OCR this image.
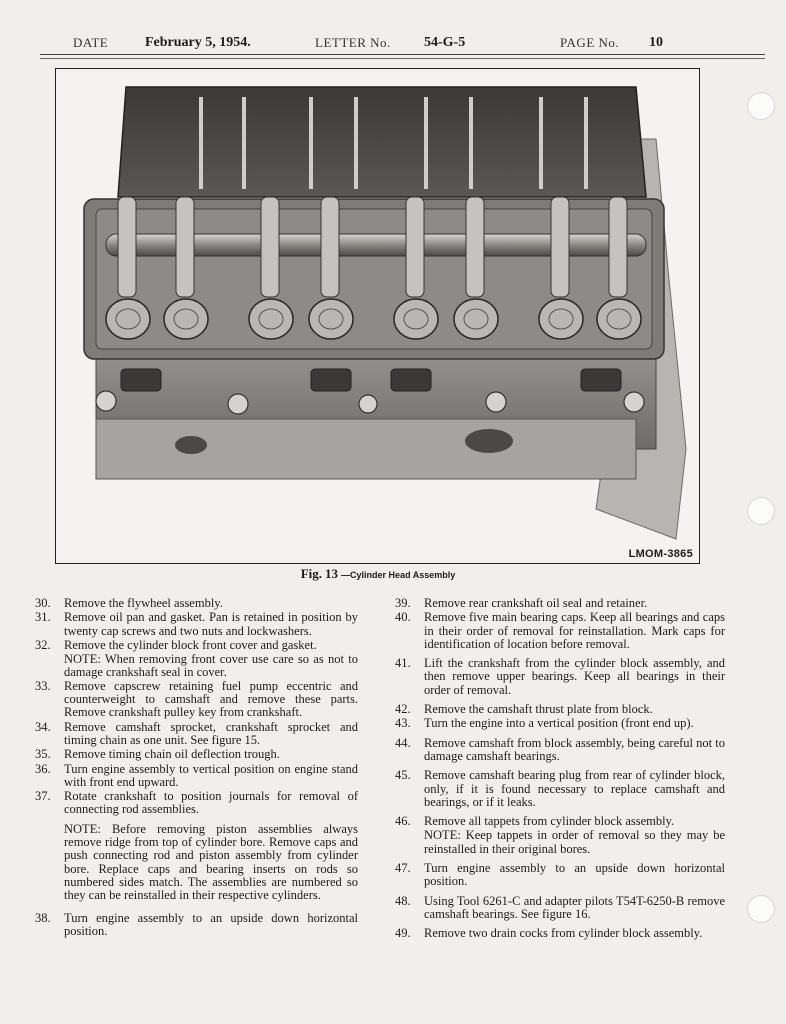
DATE	February 5, 1954.	LETTER No. 54-G-5	PAGE No. 10
LMOM-3865
Fig. 13 —Cylinder Head Assembly
30.	Remove the flywheel assembly.
31.	Remove oil pan and gasket. Pan is retained in position by twenty cap screws and two nuts and lockwashers.
32.	Remove the cylinder block front cover and gasket.
NOTE: When removing front cover use care so as not to damage crankshaft seal in cover.
33.	Remove capscrew retaining fuel pump eccentric and counterweight to camshaft and remove these parts. Remove crankshaft pulley key from crankshaft.
34.	Remove camshaft sprocket, crankshaft sprocket and timing chain as one unit. See figure 15.
35.	Remove timing chain oil deflection trough.
36.	Turn engine assembly to vertical position on engine stand with front end upward.
37.	Rotate crankshaft to position journals for removal of connecting rod assemblies.
NOTE: Before removing piston assemblies always remove ridge from top of cylinder bore. Remove caps and push connecting rod and piston assembly from cylinder bore. Replace caps and bearing inserts on rods so numbered sides match. The assemblies are numbered so they can be reinstalled in their respective cylinders.
38.	Turn engine assembly to an upside down horizontal position.
39.	Remove rear crankshaft oil seal and retainer.
40.	Remove five main bearing caps. Keep all bearings and caps in their order of removal for reinstallation. Mark caps for identification of location before removal.
41.	Lift the crankshaft from the cylinder block assembly, and then remove upper bearings. Keep all bearings in their order of removal.
42.	Remove the camshaft thrust plate from block.
43.	Turn the engine into a vertical position (front end up).
44.	Remove camshaft from block assembly, being careful not to damage camshaft bearings.
45.	Remove camshaft bearing plug from rear of cylinder block, only, if it is found necessary to replace camshaft and bearings, or if it leaks.
46.	Remove all tappets from cylinder block assembly.
NOTE: Keep tappets in order of removal so they may be reinstalled in their original bores.
47.	Turn engine assembly to an upside down horizontal position.
48.	Using Tool 6261-C and adapter pilots T54T-6250-B remove camshaft bearings. See figure 16.
49.	Remove two drain cocks from cylinder block assembly.
